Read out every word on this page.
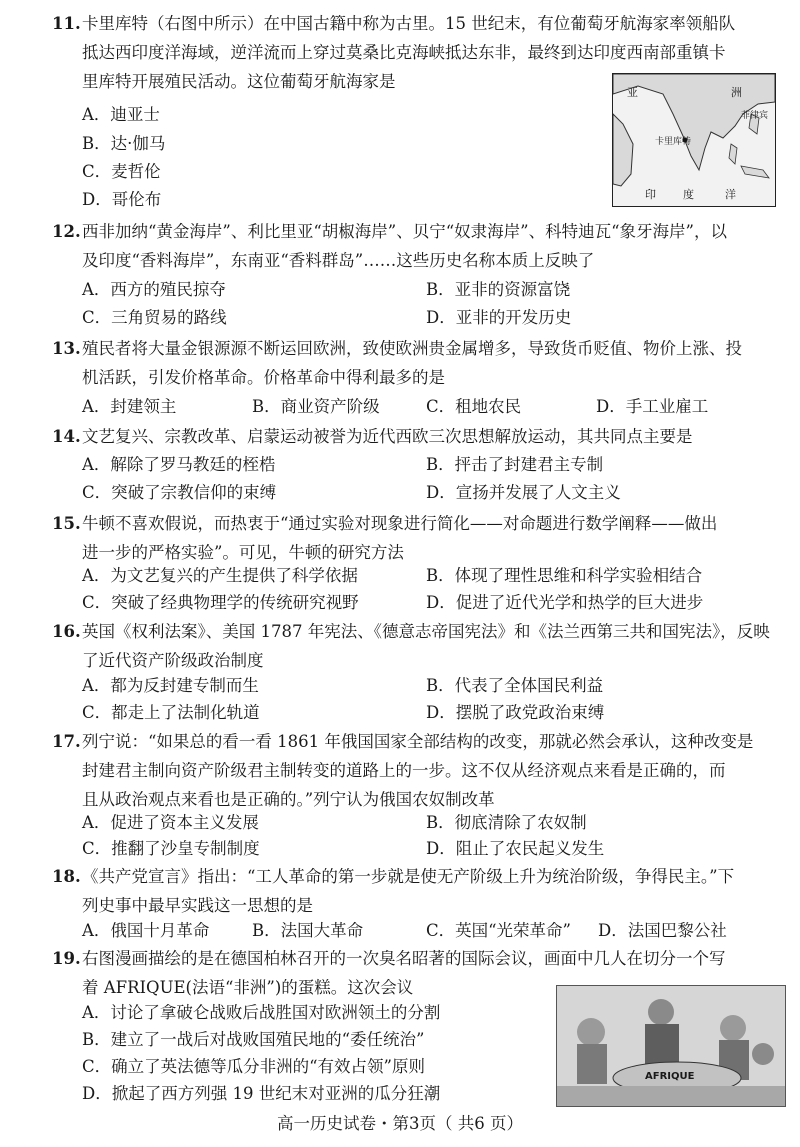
11.卡里库特（右图中所示）在中国古籍中称为古里。15 世纪末，有位葡萄牙航海家率领船队
抵达西印度洋海域，逆洋流而上穿过莫桑比克海峡抵达东非，最终到达印度西南部重镇卡
里库特开展殖民活动。这位葡萄牙航海家是
A．迪亚士
B．达·伽马
C．麦哲伦
D．哥伦布
亚	洲
菲律宾
卡里库特
印 度	洋
12.西非加纳“黄金海岸”、利比里亚“胡椒海岸”、贝宁“奴隶海岸”、科特迪瓦“象牙海岸”，以
及印度“香料海岸”，东南亚“香料群岛”……这些历史名称本质上反映了
A．西方的殖民掠夺	B．亚非的资源富饶
C．三角贸易的路线	D．亚非的开发历史
13.殖民者将大量金银源源不断运回欧洲，致使欧洲贵金属增多，导致货币贬值、物价上涨、投
机活跃，引发价格革命。价格革命中得利最多的是
A．封建领主	B．商业资产阶级	C．租地农民	D．手工业雇工
14.文艺复兴、宗教改革、启蒙运动被誉为近代西欧三次思想解放运动，其共同点主要是
A．解除了罗马教廷的桎梏	B．抨击了封建君主专制
C．突破了宗教信仰的束缚	D．宣扬并发展了人文主义
15.牛顿不喜欢假说，而热衷于“通过实验对现象进行简化——对命题进行数学阐释——做出
进一步的严格实验”。可见，牛顿的研究方法
A．为文艺复兴的产生提供了科学依据	B．体现了理性思维和科学实验相结合
C．突破了经典物理学的传统研究视野	D．促进了近代光学和热学的巨大进步
16.英国《权利法案》、美国 1787 年宪法、《德意志帝国宪法》和《法兰西第三共和国宪法》，反映
了近代资产阶级政治制度
A．都为反封建专制而生	B．代表了全体国民利益
C．都走上了法制化轨道	D．摆脱了政党政治束缚
17.列宁说：“如果总的看一看 1861 年俄国国家全部结构的改变，那就必然会承认，这种改变是
封建君主制向资产阶级君主制转变的道路上的一步。这不仅从经济观点来看是正确的，而
且从政治观点来看也是正确的。”列宁认为俄国农奴制改革
A．促进了资本主义发展	B．彻底清除了农奴制
C．推翻了沙皇专制制度	D．阻止了农民起义发生
18.《共产党宣言》指出：“工人革命的第一步就是使无产阶级上升为统治阶级，争得民主。”下
列史事中最早实践这一思想的是
A．俄国十月革命	B．法国大革命	C．英国“光荣革命” D．法国巴黎公社
19.右图漫画描绘的是在德国柏林召开的一次臭名昭著的国际会议，画面中几人在切分一个写
着 AFRIQUE(法语“非洲”)的蛋糕。这次会议
A．讨论了拿破仑战败后战胜国对欧洲领土的分割
B．建立了一战后对战败国殖民地的“委任统治”
C．确立了英法德等瓜分非洲的“有效占领”原则
D．掀起了西方列强 19 世纪末对亚洲的瓜分狂潮
AFRIQUE
高一历史试卷・第3页（ 共6 页）
